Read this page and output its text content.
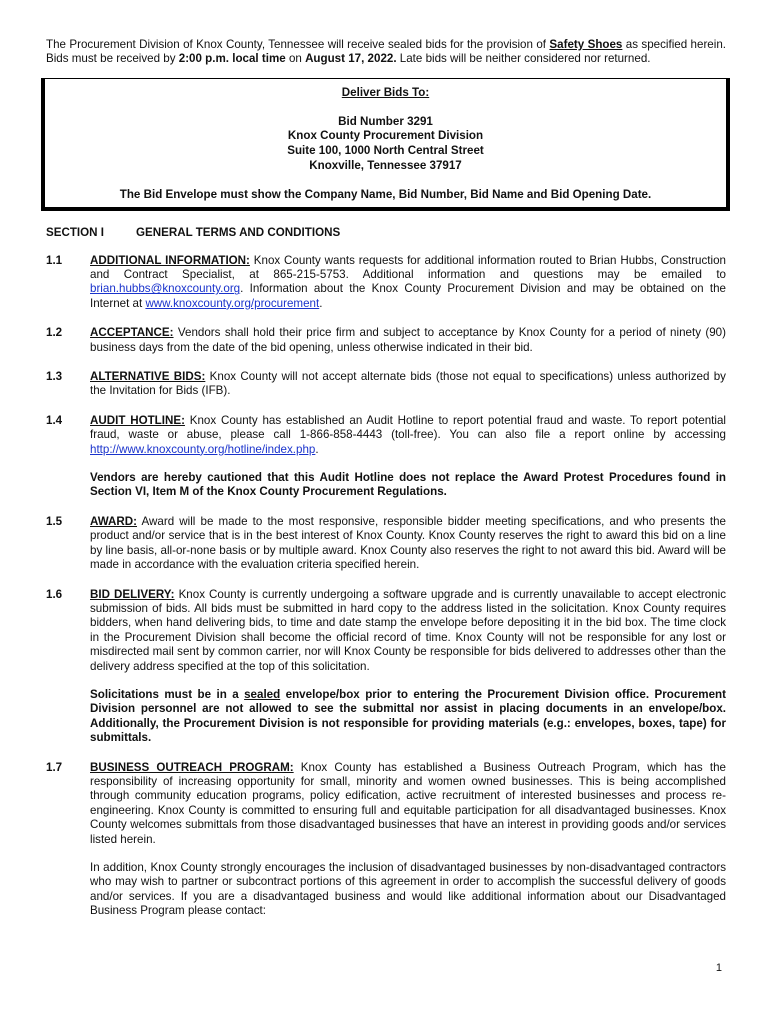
The Procurement Division of Knox County, Tennessee will receive sealed bids for the provision of Safety Shoes as specified herein. Bids must be received by 2:00 p.m. local time on August 17, 2022. Late bids will be neither considered nor returned.

Deliver Bids To:
Bid Number 3291
Knox County Procurement Division
Suite 100, 1000 North Central Street
Knoxville, Tennessee 37917
The Bid Envelope must show the Company Name, Bid Number, Bid Name and Bid Opening Date.
SECTION I	GENERAL TERMS AND CONDITIONS
1.1	ADDITIONAL INFORMATION: Knox County wants requests for additional information routed to Brian Hubbs, Construction and Contract Specialist, at 865-215-5753. Additional information and questions may be emailed to brian.hubbs@knoxcounty.org. Information about the Knox County Procurement Division and may be obtained on the Internet at www.knoxcounty.org/procurement.

1.2	ACCEPTANCE: Vendors shall hold their price firm and subject to acceptance by Knox County for a period of ninety (90) business days from the date of the bid opening, unless otherwise indicated in their bid.

1.3	ALTERNATIVE BIDS: Knox County will not accept alternate bids (those not equal to specifications) unless authorized by the Invitation for Bids (IFB).

1.4	AUDIT HOTLINE: Knox County has established an Audit Hotline to report potential fraud and waste. To report potential fraud, waste or abuse, please call 1-866-858-4443 (toll-free). You can also file a report online by accessing http://www.knoxcounty.org/hotline/index.php.

Vendors are hereby cautioned that this Audit Hotline does not replace the Award Protest Procedures found in Section VI, Item M of the Knox County Procurement Regulations.

1.5	AWARD: Award will be made to the most responsive, responsible bidder meeting specifications, and who presents the product and/or service that is in the best interest of Knox County. Knox County reserves the right to award this bid on a line by line basis, all-or-none basis or by multiple award. Knox County also reserves the right to not award this bid. Award will be made in accordance with the evaluation criteria specified herein.

1.6	BID DELIVERY: Knox County is currently undergoing a software upgrade and is currently unavailable to accept electronic submission of bids. All bids must be submitted in hard copy to the address listed in the solicitation. Knox County requires bidders, when hand delivering bids, to time and date stamp the envelope before depositing it in the bid box. The time clock in the Procurement Division shall become the official record of time. Knox County will not be responsible for any lost or misdirected mail sent by common carrier, nor will Knox County be responsible for bids delivered to addresses other than the delivery address specified at the top of this solicitation.

Solicitations must be in a sealed envelope/box prior to entering the Procurement Division office. Procurement Division personnel are not allowed to see the submittal nor assist in placing documents in an envelope/box. Additionally, the Procurement Division is not responsible for providing materials (e.g.: envelopes, boxes, tape) for submittals.

1.7	BUSINESS OUTREACH PROGRAM: Knox County has established a Business Outreach Program, which has the responsibility of increasing opportunity for small, minority and women owned businesses. This is being accomplished through community education programs, policy edification, active recruitment of interested businesses and process re-engineering. Knox County is committed to ensuring full and equitable participation for all disadvantaged businesses. Knox County welcomes submittals from those disadvantaged businesses that have an interest in providing goods and/or services listed herein.

In addition, Knox County strongly encourages the inclusion of disadvantaged businesses by non-disadvantaged contractors who may wish to partner or subcontract portions of this agreement in order to accomplish the successful delivery of goods and/or services. If you are a disadvantaged business and would like additional information about our Disadvantaged Business Program please contact:

1
